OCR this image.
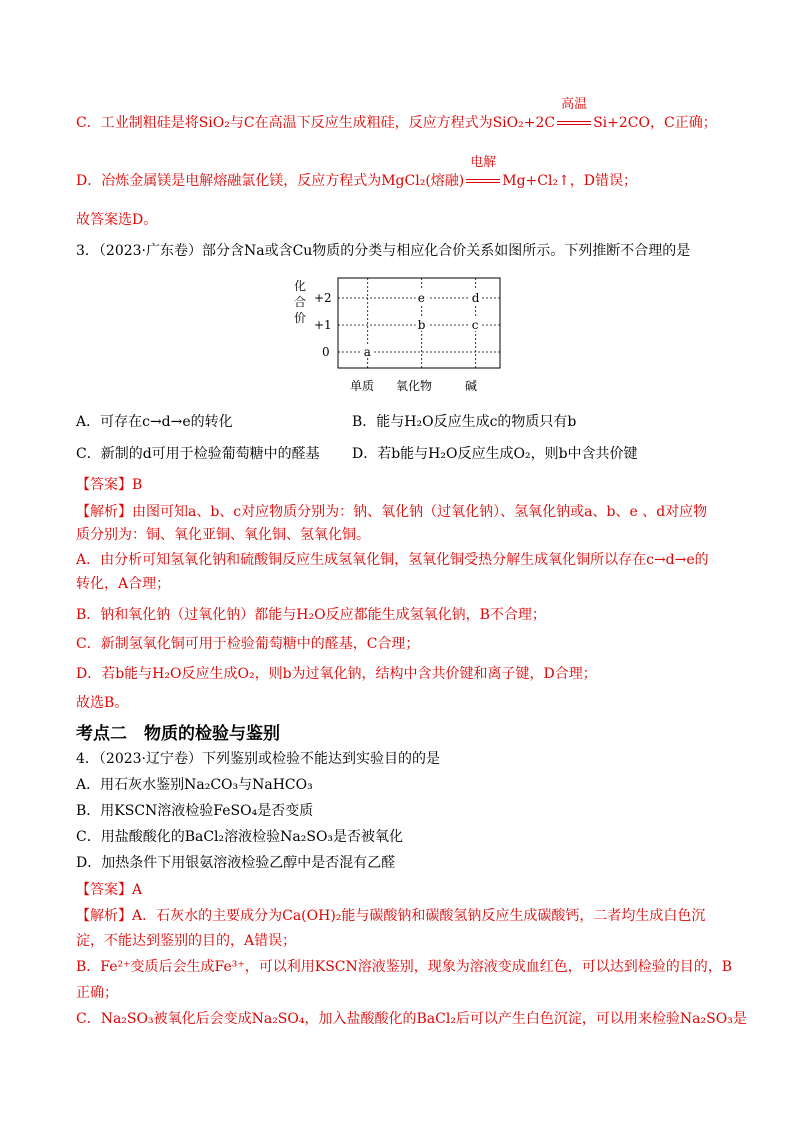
C．工业制粗硅是将SiO₂与C在高温下反应生成粗硅，反应方程式为SiO₂+2C
高温
Si+2CO，C正确；
D．冶炼金属镁是电解熔融氯化镁，反应方程式为MgCl₂(熔融)
电解
Mg+Cl₂↑，D错误；
故答案选D。
3．（2023·广东卷）部分含Na或含Cu物质的分类与相应化合价关系如图所示。下列推断不合理的是
化
合
价
+2
+1
0
单质 氧化物	碱
a
b	c
e	d
A．可存在c→d→e的转化	B．能与H₂O反应生成c的物质只有b
C．新制的d可用于检验葡萄糖中的醛基 D．若b能与H₂O反应生成O₂，则b中含共价键
【答案】B
【解析】由图可知a、b、c对应物质分别为：钠、氧化钠（过氧化钠）、氢氧化钠或a、b、e 、d对应物
质分别为：铜、氧化亚铜、氧化铜、氢氧化铜。
A．由分析可知氢氧化钠和硫酸铜反应生成氢氧化铜，氢氧化铜受热分解生成氧化铜所以存在c→d→e的
转化，A合理；
B．钠和氧化钠（过氧化钠）都能与H₂O反应都能生成氢氧化钠，B不合理；
C．新制氢氧化铜可用于检验葡萄糖中的醛基，C合理；
D．若b能与H₂O反应生成O₂，则b为过氧化钠，结构中含共价键和离子键，D合理；
故选B。
考点二　物质的检验与鉴别
4．（2023·辽宁卷）下列鉴别或检验不能达到实验目的的是
A．用石灰水鉴别Na₂CO₃与NaHCO₃
B．用KSCN溶液检验FeSO₄是否变质
C．用盐酸酸化的BaCl₂溶液检验Na₂SO₃是否被氧化
D．加热条件下用银氨溶液检验乙醇中是否混有乙醛
【答案】A
【解析】A．石灰水的主要成分为Ca(OH)₂能与碳酸钠和碳酸氢钠反应生成碳酸钙，二者均生成白色沉
淀，不能达到鉴别的目的，A错误；
B．Fe²⁺变质后会生成Fe³⁺，可以利用KSCN溶液鉴别，现象为溶液变成血红色，可以达到检验的目的，B
正确；
C．Na₂SO₃被氧化后会变成Na₂SO₄，加入盐酸酸化的BaCl₂后可以产生白色沉淀，可以用来检验Na₂SO₃是
